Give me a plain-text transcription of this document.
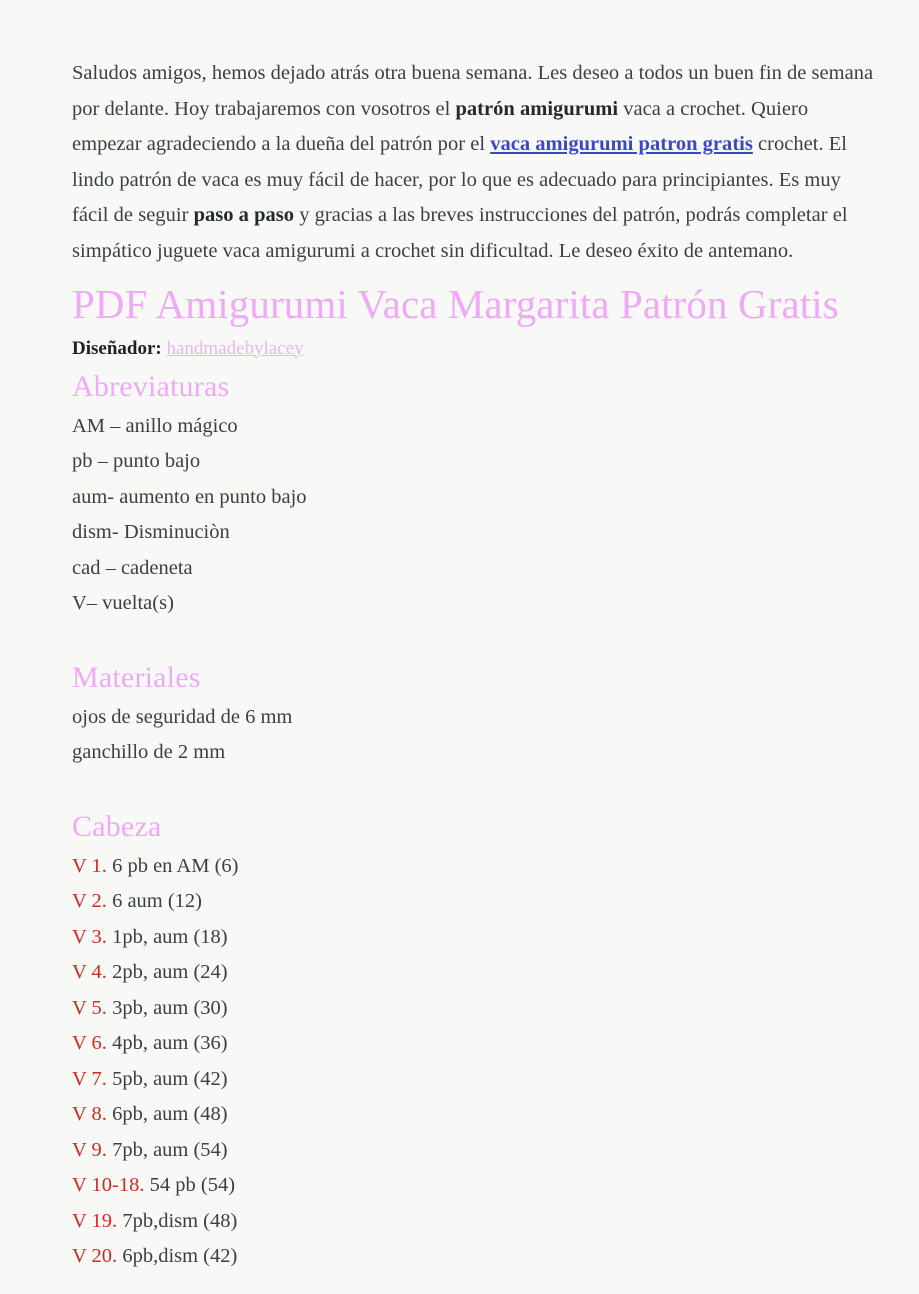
Saludos amigos, hemos dejado atrás otra buena semana. Les deseo a todos un buen fin de semana por delante. Hoy trabajaremos con vosotros el patrón amigurumi vaca a crochet. Quiero empezar agradeciendo a la dueña del patrón por el vaca amigurumi patron gratis crochet. El lindo patrón de vaca es muy fácil de hacer, por lo que es adecuado para principiantes. Es muy fácil de seguir paso a paso y gracias a las breves instrucciones del patrón, podrás completar el simpático juguete vaca amigurumi a crochet sin dificultad. Le deseo éxito de antemano.

PDF Amigurumi Vaca Margarita Patrón Gratis

Diseñador: handmadebylacey

Abreviaturas

AM – anillo mágico

pb – punto bajo

aum- aumento en punto bajo

dism- Disminuciòn

cad – cadeneta

V– vuelta(s)

Materiales

ojos de seguridad de 6 mm

ganchillo de 2 mm

Cabeza

V 1. 6 pb en AM (6)

V 2. 6 aum (12)

V 3. 1pb, aum (18)

V 4. 2pb, aum (24)

V 5. 3pb, aum (30)

V 6. 4pb, aum (36)

V 7. 5pb, aum (42)

V 8. 6pb, aum (48)

V 9. 7pb, aum (54)

V 10-18. 54 pb (54)

V 19. 7pb,dism (48)

V 20. 6pb,dism (42)
